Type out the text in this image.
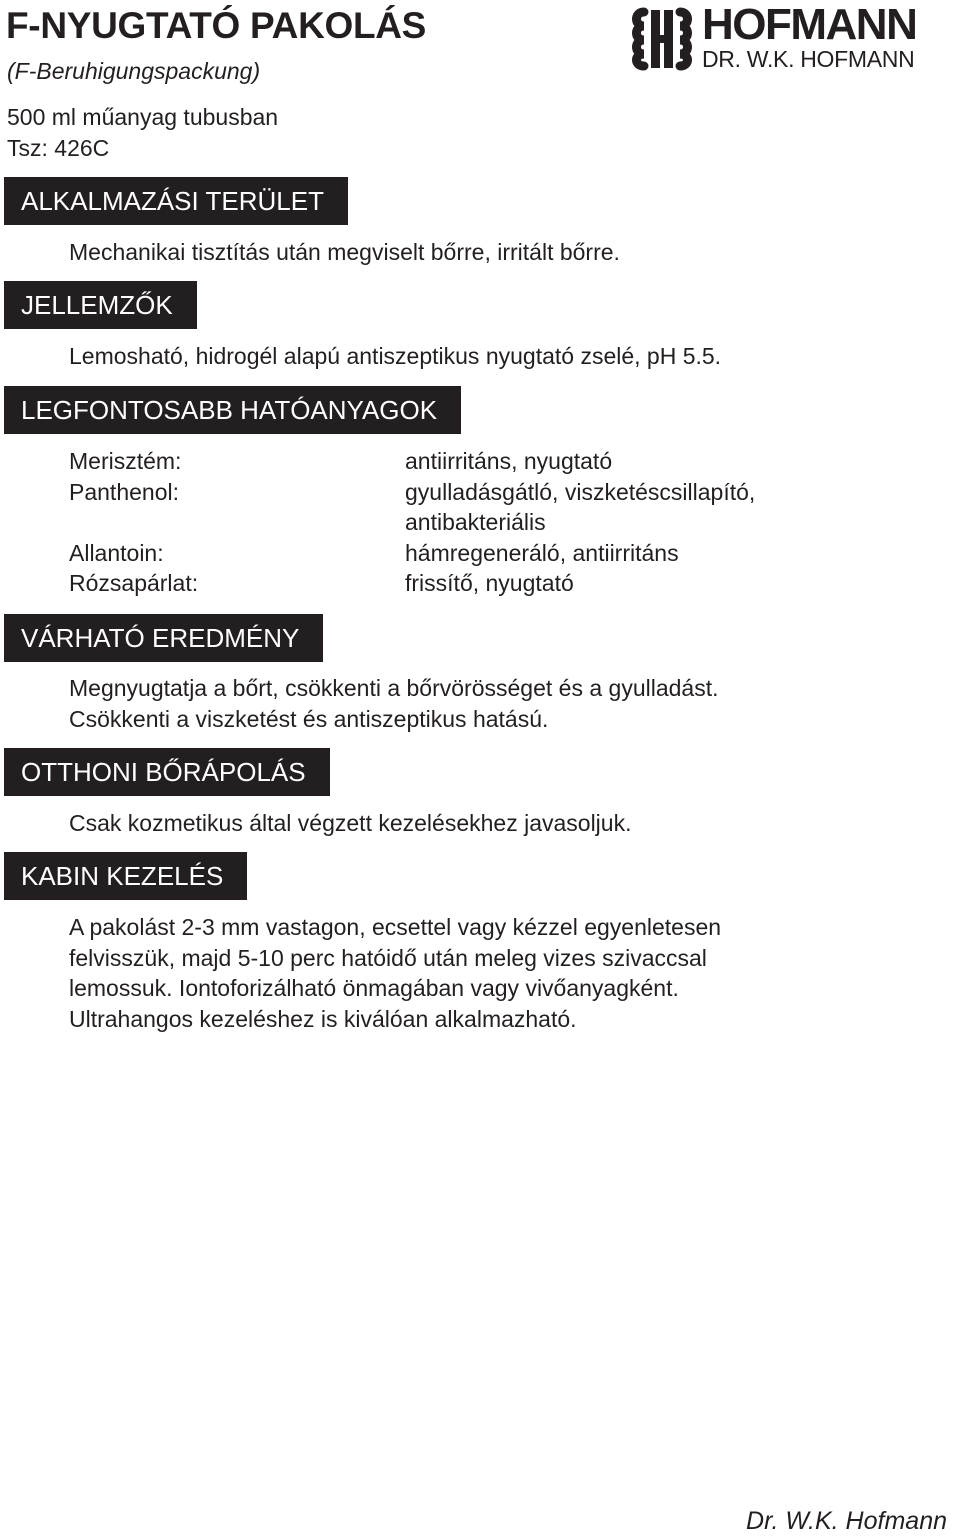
F-NYUGTATÓ PAKOLÁS
(F-Beruhigungspackung)
500 ml műanyag tubusban
Tsz: 426C
HOFMANN
DR. W.K. HOFMANN
ALKALMAZÁSI TERÜLET
Mechanikai tisztítás után megviselt bőrre, irritált bőrre.
JELLEMZŐK
Lemosható, hidrogél alapú antiszeptikus nyugtató zselé, pH 5.5.
LEGFONTOSABB HATÓANYAGOK
Merisztém:	antiirritáns, nyugtató
Panthenol:	gyulladásgátló, viszketéscsillapító,
antibakteriális
Allantoin:	hámregeneráló, antiirritáns
Rózsapárlat:	frissítő, nyugtató
VÁRHATÓ EREDMÉNY
Megnyugtatja a bőrt, csökkenti a bőrvörösséget és a gyulladást.
Csökkenti a viszketést és antiszeptikus hatású.
OTTHONI BŐRÁPOLÁS
Csak kozmetikus által végzett kezelésekhez javasoljuk.
KABIN KEZELÉS
A pakolást 2-3 mm vastagon, ecsettel vagy kézzel egyenletesen
felvisszük, majd 5-10 perc hatóidő után meleg vizes szivaccsal
lemossuk. Iontoforizálható önmagában vagy vivőanyagként.
Ultrahangos kezeléshez is kiválóan alkalmazható.
Dr. W.K. Hofmann
